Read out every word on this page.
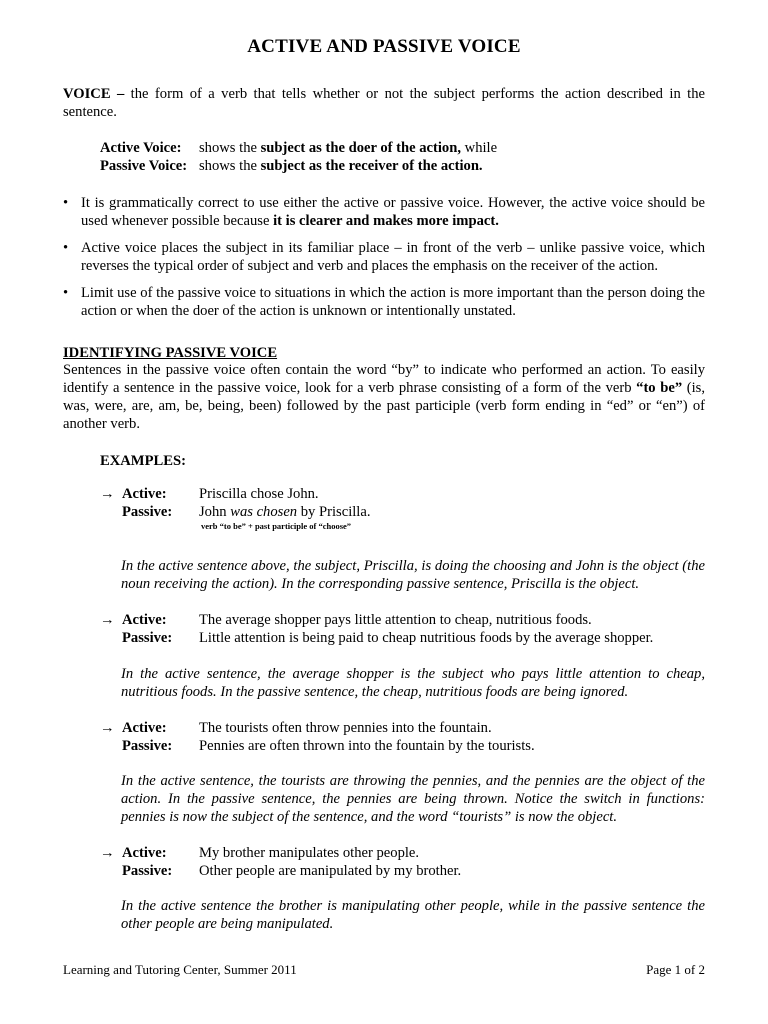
ACTIVE AND PASSIVE VOICE
VOICE – the form of a verb that tells whether or not the subject performs the action described in the sentence.
Active Voice: shows the subject as the doer of the action, while
Passive Voice: shows the subject as the receiver of the action.
• It is grammatically correct to use either the active or passive voice. However, the active voice should be used whenever possible because it is clearer and makes more impact.
• Active voice places the subject in its familiar place – in front of the verb – unlike passive voice, which reverses the typical order of subject and verb and places the emphasis on the receiver of the action.
• Limit use of the passive voice to situations in which the action is more important than the person doing the action or when the doer of the action is unknown or intentionally unstated.
IDENTIFYING PASSIVE VOICE
Sentences in the passive voice often contain the word “by” to indicate who performed an action. To easily identify a sentence in the passive voice, look for a verb phrase consisting of a form of the verb “to be” (is, was, were, are, am, be, being, been) followed by the past participle (verb form ending in “ed” or “en”) of another verb.
EXAMPLES:
→ Active: Priscilla chose John.
Passive: John was chosen by Priscilla.
verb “to be” + past participle of “choose”
In the active sentence above, the subject, Priscilla, is doing the choosing and John is the object (the noun receiving the action). In the corresponding passive sentence, Priscilla is the object.
→ Active: The average shopper pays little attention to cheap, nutritious foods.
Passive: Little attention is being paid to cheap nutritious foods by the average shopper.
In the active sentence, the average shopper is the subject who pays little attention to cheap, nutritious foods. In the passive sentence, the cheap, nutritious foods are being ignored.
→ Active: The tourists often throw pennies into the fountain.
Passive: Pennies are often thrown into the fountain by the tourists.
In the active sentence, the tourists are throwing the pennies, and the pennies are the object of the action. In the passive sentence, the pennies are being thrown. Notice the switch in functions: pennies is now the subject of the sentence, and the word “tourists” is now the object.
→ Active: My brother manipulates other people.
Passive: Other people are manipulated by my brother.
In the active sentence the brother is manipulating other people, while in the passive sentence the other people are being manipulated.
Learning and Tutoring Center, Summer 2011	Page 1 of 2
